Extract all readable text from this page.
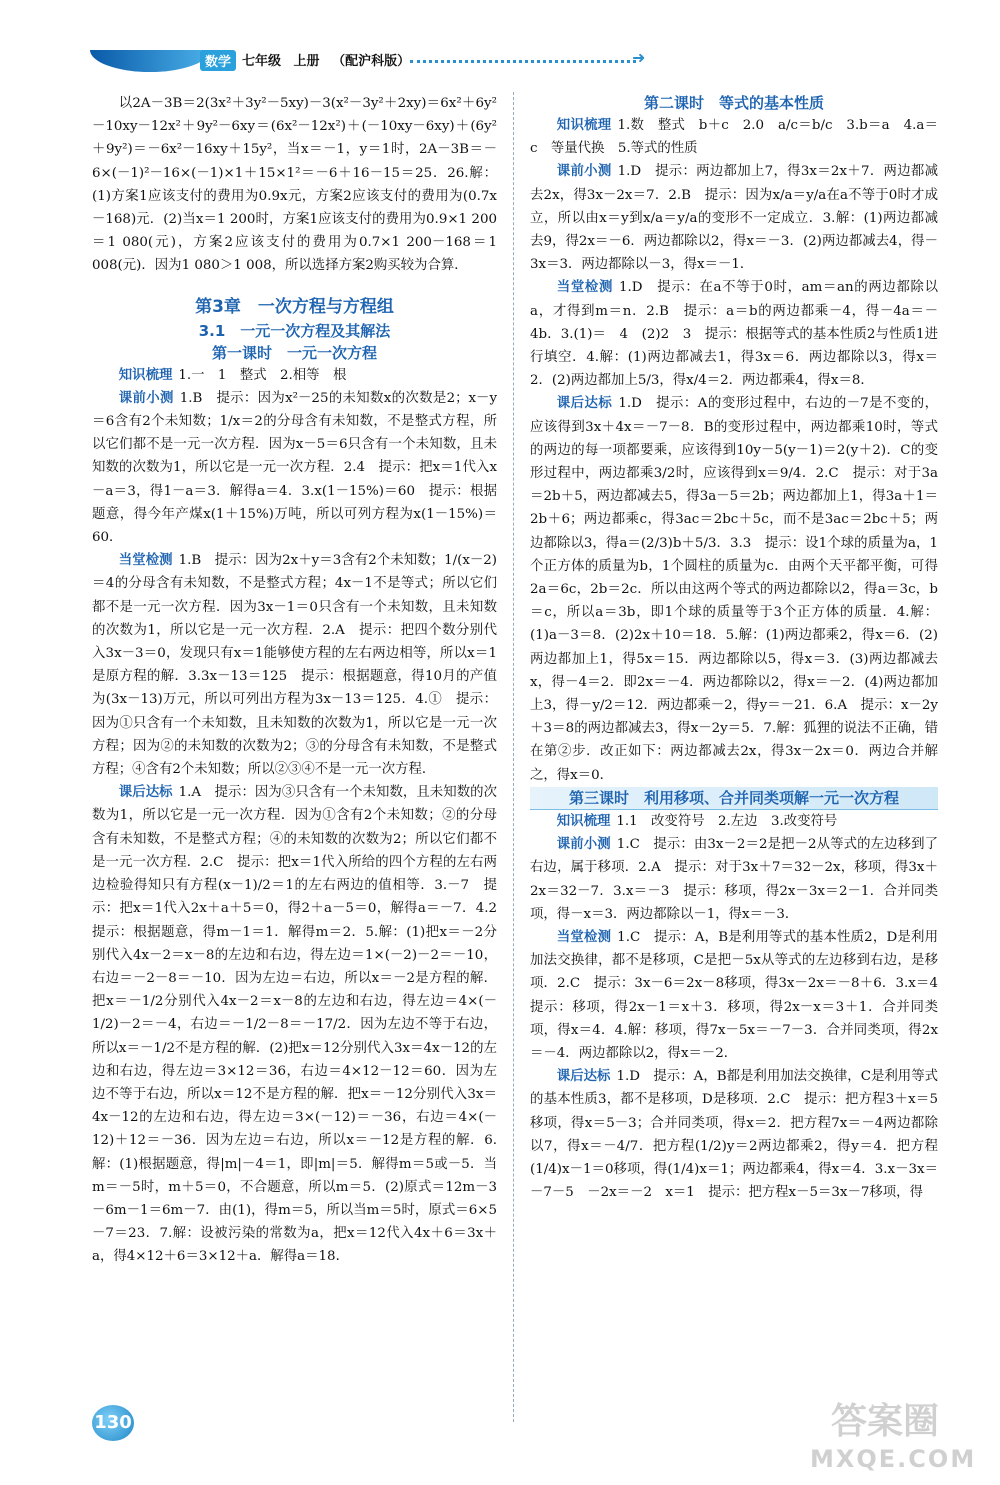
数学 七年级 上册 （配沪科版）	➜

以2A－3B＝2(3x²＋3y²－5xy)－3(x²－3y²＋2xy)＝6x²＋6y²－10xy－12x²＋9y²－6xy＝(6x²－12x²)＋(－10xy－6xy)＋(6y²＋9y²)＝－6x²－16xy＋15y²，当x＝－1，y＝1时，2A－3B＝－6×(－1)²－16×(－1)×1＋15×1²＝－6＋16－15＝25．26.解：(1)方案1应该支付的费用为0.9x元，方案2应该支付的费用为(0.7x－168)元．(2)当x＝1 200时，方案1应该支付的费用为0.9×1 200＝1 080(元)，方案2应该支付的费用为0.7×1 200－168＝1 008(元)．因为1 080＞1 008，所以选择方案2购买较为合算．

第3章　一次方程与方程组

3.1　一元一次方程及其解法

第一课时　一元一次方程

知识梳理 1.一　1　整式　2.相等　根

课前小测 1.B　提示：因为x²－25的未知数x的次数是2；x－y＝6含有2个未知数；1/x＝2的分母含有未知数，不是整式方程，所以它们都不是一元一次方程．因为x－5＝6只含有一个未知数，且未知数的次数为1，所以它是一元一次方程．2.4　提示：把x＝1代入x－a＝3，得1－a＝3．解得a＝4．3.x(1－15%)＝60　提示：根据题意，得今年产煤x(1＋15%)万吨，所以可列方程为x(1－15%)＝60．

当堂检测 1.B　提示：因为2x＋y＝3含有2个未知数；1/(x－2)＝4的分母含有未知数，不是整式方程；4x－1不是等式；所以它们都不是一元一次方程．因为3x－1＝0只含有一个未知数，且未知数的次数为1，所以它是一元一次方程．2.A　提示：把四个数分别代入3x－3＝0，发现只有x＝1能够使方程的左右两边相等，所以x＝1是原方程的解．3.3x－13＝125　提示：根据题意，得10月的产值为(3x－13)万元，所以可列出方程为3x－13＝125．4.①　提示：因为①只含有一个未知数，且未知数的次数为1，所以它是一元一次方程；因为②的未知数的次数为2；③的分母含有未知数，不是整式方程；④含有2个未知数；所以②③④不是一元一次方程．

课后达标 1.A　提示：因为③只含有一个未知数，且未知数的次数为1，所以它是一元一次方程．因为①含有2个未知数；②的分母含有未知数，不是整式方程；④的未知数的次数为2；所以它们都不是一元一次方程．2.C　提示：把x＝1代入所给的四个方程的左右两边检验得知只有方程(x－1)/2＝1的左右两边的值相等．3.－7　提示：把x＝1代入2x＋a＋5＝0，得2＋a－5＝0，解得a＝－7．4.2　提示：根据题意，得m－1＝1．解得m＝2．5.解：(1)把x＝－2分别代入4x－2＝x－8的左边和右边，得左边＝1×(－2)－2＝－10，右边＝－2－8＝－10．因为左边＝右边，所以x＝－2是方程的解．把x＝－1/2分别代入4x－2＝x－8的左边和右边，得左边＝4×(－1/2)－2＝－4，右边＝－1/2－8＝－17/2．因为左边不等于右边，所以x＝－1/2不是方程的解．(2)把x＝12分别代入3x＝4x－12的左边和右边，得左边＝3×12＝36，右边＝4×12－12＝60．因为左边不等于右边，所以x＝12不是方程的解．把x＝－12分别代入3x＝4x－12的左边和右边，得左边＝3×(－12)＝－36，右边＝4×(－12)＋12＝－36．因为左边＝右边，所以x＝－12是方程的解．6.解：(1)根据题意，得|m|－4＝1，即|m|＝5．解得m＝5或－5．当m＝－5时，m＋5＝0，不合题意，所以m＝5．(2)原式＝12m－3－6m－1＝6m－7．由(1)，得m＝5，所以当m＝5时，原式＝6×5－7＝23．7.解：设被污染的常数为a，把x＝12代入4x＋6＝3x＋a，得4×12＋6＝3×12＋a．解得a＝18．

第二课时　等式的基本性质

知识梳理 1.数　整式　b＋c　2.0　a/c＝b/c　3.b＝a　4.a＝c　等量代换　5.等式的性质

课前小测 1.D　提示：两边都加上7，得3x＝2x＋7．两边都减去2x，得3x－2x＝7．2.B　提示：因为x/a＝y/a在a不等于0时才成立，所以由x＝y到x/a＝y/a的变形不一定成立．3.解：(1)两边都减去9，得2x＝－6．两边都除以2，得x＝－3．(2)两边都减去4，得－3x＝3．两边都除以－3，得x＝－1．

当堂检测 1.D　提示：在a不等于0时，am＝an的两边都除以a，才得到m＝n．2.B　提示：a＝b的两边都乘－4，得－4a＝－4b．3.(1)＝　4　(2)2　3　提示：根据等式的基本性质2与性质1进行填空．4.解：(1)两边都减去1，得3x＝6．两边都除以3，得x＝2．(2)两边都加上5/3，得x/4＝2．两边都乘4，得x＝8．

课后达标 1.D　提示：A的变形过程中，右边的－7是不变的，应该得到3x＋4x＝－7－8．B的变形过程中，两边都乘10时，等式的两边的每一项都要乘，应该得到10y－5(y－1)＝2(y＋2)．C的变形过程中，两边都乘3/2时，应该得到x＝9/4．2.C　提示：对于3a＝2b＋5，两边都减去5，得3a－5＝2b；两边都加上1，得3a＋1＝2b＋6；两边都乘c，得3ac＝2bc＋5c，而不是3ac＝2bc＋5；两边都除以3，得a＝(2/3)b＋5/3．3.3　提示：设1个球的质量为a，1个正方体的质量为b，1个圆柱的质量为c．由两个天平都平衡，可得2a＝6c，2b＝2c．所以由这两个等式的两边都除以2，得a＝3c，b＝c，所以a＝3b，即1个球的质量等于3个正方体的质量．4.解：(1)a－3＝8．(2)2x＋10＝18．5.解：(1)两边都乘2，得x＝6．(2)两边都加上1，得5x＝15．两边都除以5，得x＝3．(3)两边都减去x，得－4＝2．即2x＝－4．两边都除以2，得x＝－2．(4)两边都加上3，得－y/2＝12．两边都乘－2，得y＝－21．6.A　提示：x－2y＋3＝8的两边都减去3，得x－2y＝5．7.解：狐狸的说法不正确，错在第②步．改正如下：两边都减去2x，得3x－2x＝0．两边合并解之，得x＝0．

第三课时　利用移项、合并同类项解一元一次方程

知识梳理 1.1　改变符号　2.左边　3.改变符号

课前小测 1.C　提示：由3x－2＝2是把－2从等式的左边移到了右边，属于移项．2.A　提示：对于3x＋7＝32－2x，移项，得3x＋2x＝32－7．3.x＝－3　提示：移项，得2x－3x＝2－1．合并同类项，得－x＝3．两边都除以－1，得x＝－3．

当堂检测 1.C　提示：A，B是利用等式的基本性质2，D是利用加法交换律，都不是移项，C是把－5x从等式的左边移到右边，是移项．2.C　提示：3x－6＝2x－8移项，得3x－2x＝－8＋6．3.x＝4　提示：移项，得2x－1＝x＋3．移项，得2x－x＝3＋1．合并同类项，得x＝4．4.解：移项，得7x－5x＝－7－3．合并同类项，得2x＝－4．两边都除以2，得x＝－2．

课后达标 1.D　提示：A，B都是利用加法交换律，C是利用等式的基本性质3，都不是移项，D是移项．2.C　提示：把方程3＋x＝5移项，得x＝5－3；合并同类项，得x＝2．把方程7x＝－4两边都除以7，得x＝－4/7．把方程(1/2)y＝2两边都乘2，得y＝4．把方程(1/4)x－1＝0移项，得(1/4)x＝1；两边都乘4，得x＝4．3.x－3x＝－7－5　－2x＝－2　x＝1　提示：把方程x－5＝3x－7移项，得

130	答案圈
MXQE.COM
